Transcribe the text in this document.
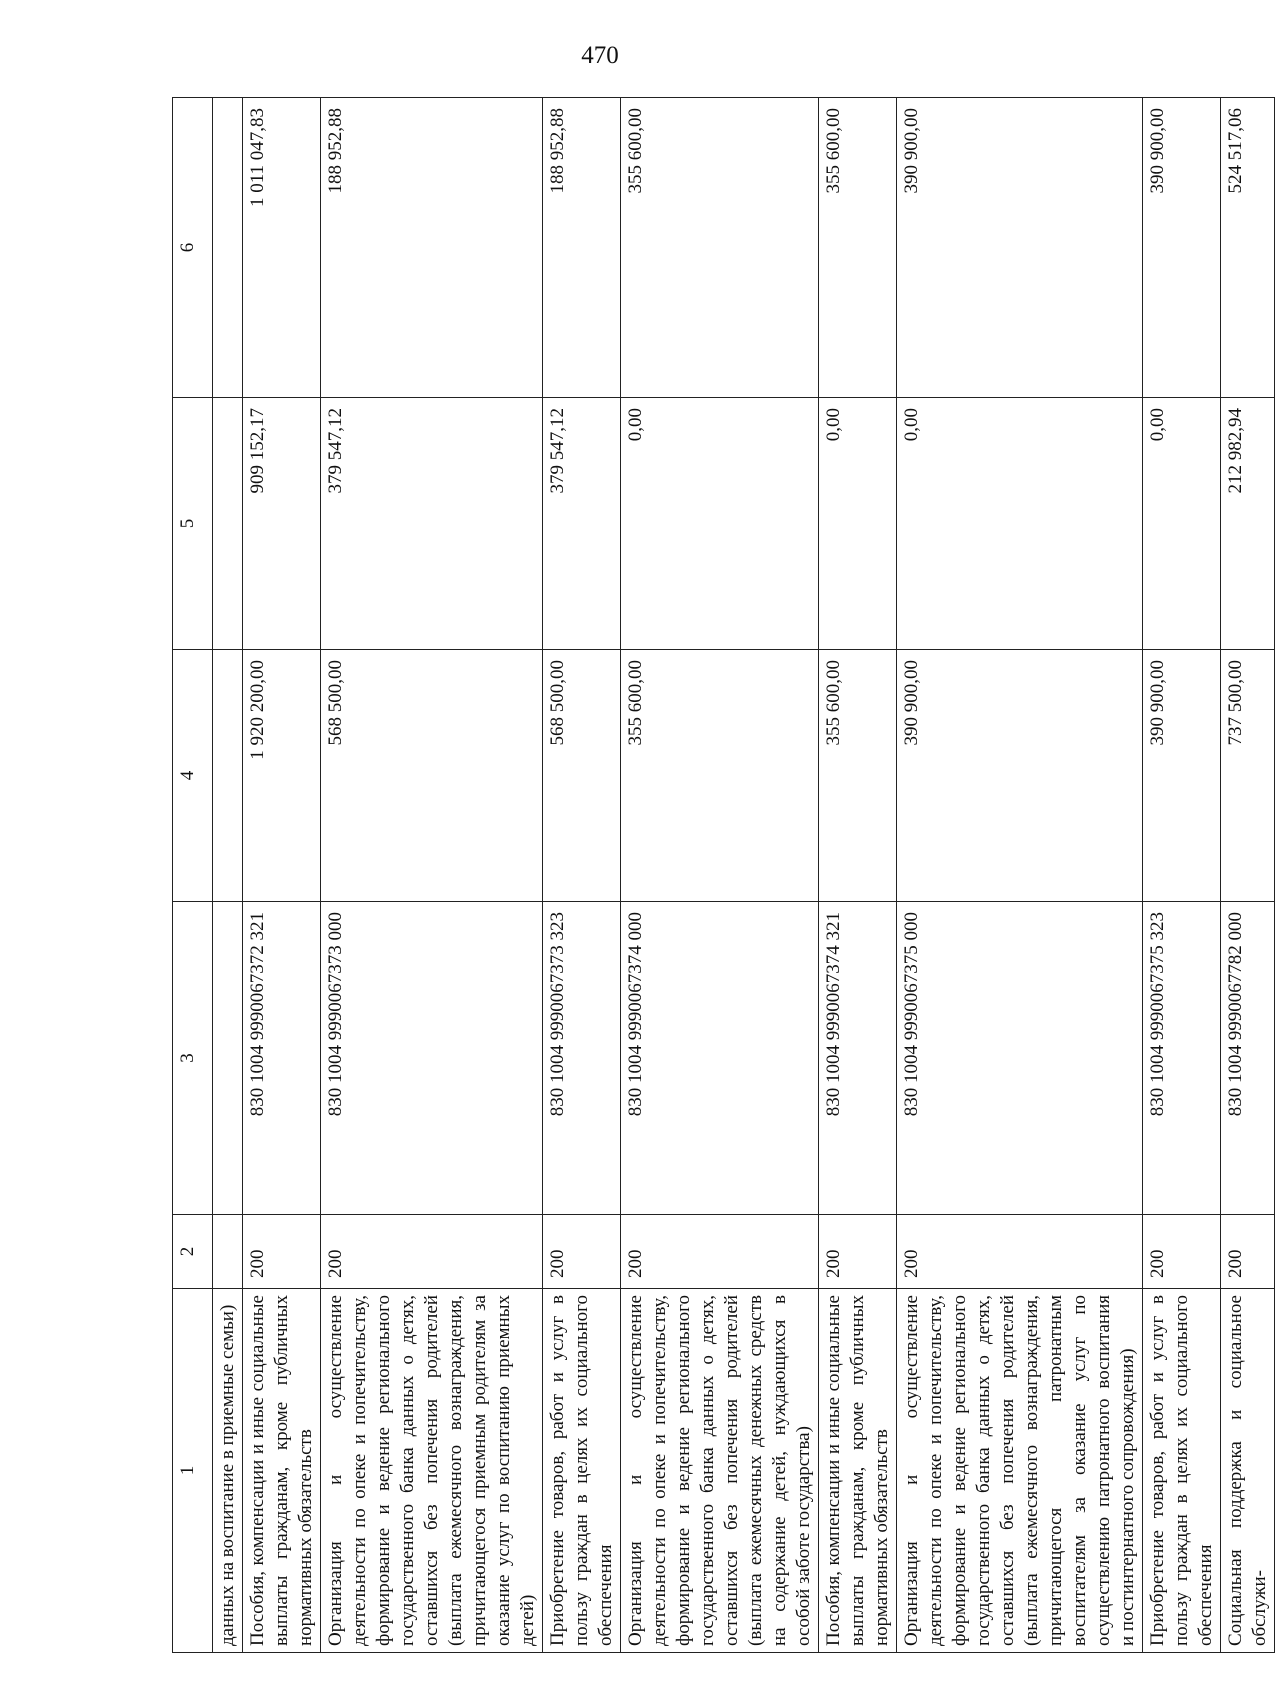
470
1	2	3	4	5	6
данных на воспитание в приемные семьи)					
Пособия, компенсации и иные социальные выплаты гражданам, кроме публичных нормативных обязательств	200	830 1004 9990067372 321	1 920 200,00	909 152,17	1 011 047,83
Организация и осуществление деятельности по опеке и попечительству, формирование и ведение регионального государственного банка данных о детях, оставшихся без попечения родителей (выплата ежемесячного вознаграждения, причитающегося приемным родителям за оказание услуг по воспитанию приемных детей)	200	830 1004 9990067373 000	568 500,00	379 547,12	188 952,88
Приобретение товаров, работ и услуг в пользу граждан в целях их социального обеспечения	200	830 1004 9990067373 323	568 500,00	379 547,12	188 952,88
Организация и осуществление деятельности по опеке и попечительству, формирование и ведение регионального государственного банка данных о детях, оставшихся без попечения родителей (выплата ежемесячных денежных средств на содержание детей, нуждающихся в особой заботе государства)	200	830 1004 9990067374 000	355 600,00	0,00	355 600,00
Пособия, компенсации и иные социальные выплаты гражданам, кроме публичных нормативных обязательств	200	830 1004 9990067374 321	355 600,00	0,00	355 600,00
Организация и осуществление деятельности по опеке и попечительству, формирование и ведение регионального государственного банка данных о детях, оставшихся без попечения родителей (выплата ежемесячного вознаграждения, причитающегося патронатным воспитателям за оказание услуг по осуществлению патронатного воспитания и постинтернатного сопровождения)	200	830 1004 9990067375 000	390 900,00	0,00	390 900,00
Приобретение товаров, работ и услуг в пользу граждан в целях их социального обеспечения	200	830 1004 9990067375 323	390 900,00	0,00	390 900,00
Социальная поддержка и социальное обслужи-	200	830 1004 9990067782 000	737 500,00	212 982,94	524 517,06
